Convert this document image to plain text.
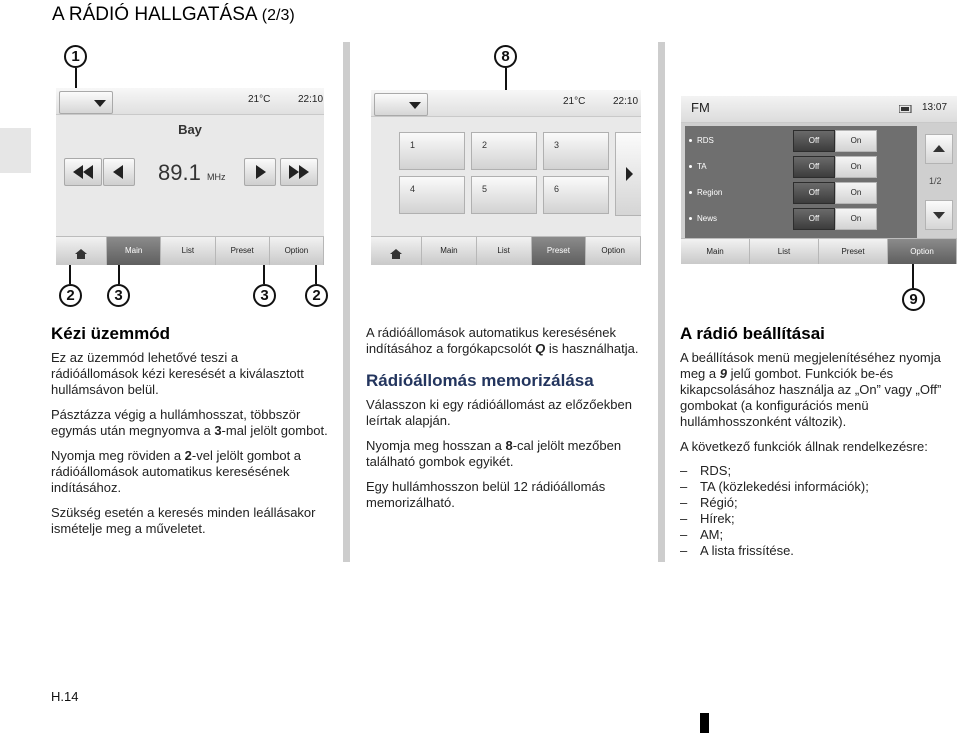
A RÁDIÓ HALLGATÁSA (2/3)
1	8
2	3	3	2	9
21°C	22:10
Bay
89.1 MHz
Main	List	Preset	Option
21°C	22:10
1	2	3
4	5	6
Main	List	Preset	Option
FM	13:07
RDS	Off	On
TA	Off	On
Region	Off	On
News	Off	On
1/2
Main	List	Preset	Option
Kézi üzemmód
Ez az üzemmód lehetővé teszi a rádióállomások kézi keresését a kiválasztott hullámsávon belül.
Pásztázza végig a hullámhosszat, többször egymás után megnyomva a 3-mal jelölt gombot.
Nyomja meg röviden a 2-vel jelölt gombot a rádióállomások automatikus keresésének indításához.
Szükség esetén a keresés minden leállásakor ismételje meg a műveletet.
A rádióállomások automatikus keresésének indításához a forgókapcsolót Q is használhatja.
Rádióállomás memorizálása
Válasszon ki egy rádióállomást az előzőekben leírtak alapján.
Nyomja meg hosszan a 8-cal jelölt mezőben található gombok egyikét.
Egy hullámhosszon belül 12 rádióállomás memorizálható.
A rádió beállításai
A beállítások menü megjelenítéséhez nyomja meg a 9 jelű gombot. Funkciók be-és kikapcsolásához használja az „On” vagy „Off” gombokat (a konfigurációs menü hullámhosszonként változik).
A következő funkciók állnak rendelkezésre:
– RDS;
– TA (közlekedési információk);
– Régió;
– Hírek;
– AM;
– A lista frissítése.
H.14
